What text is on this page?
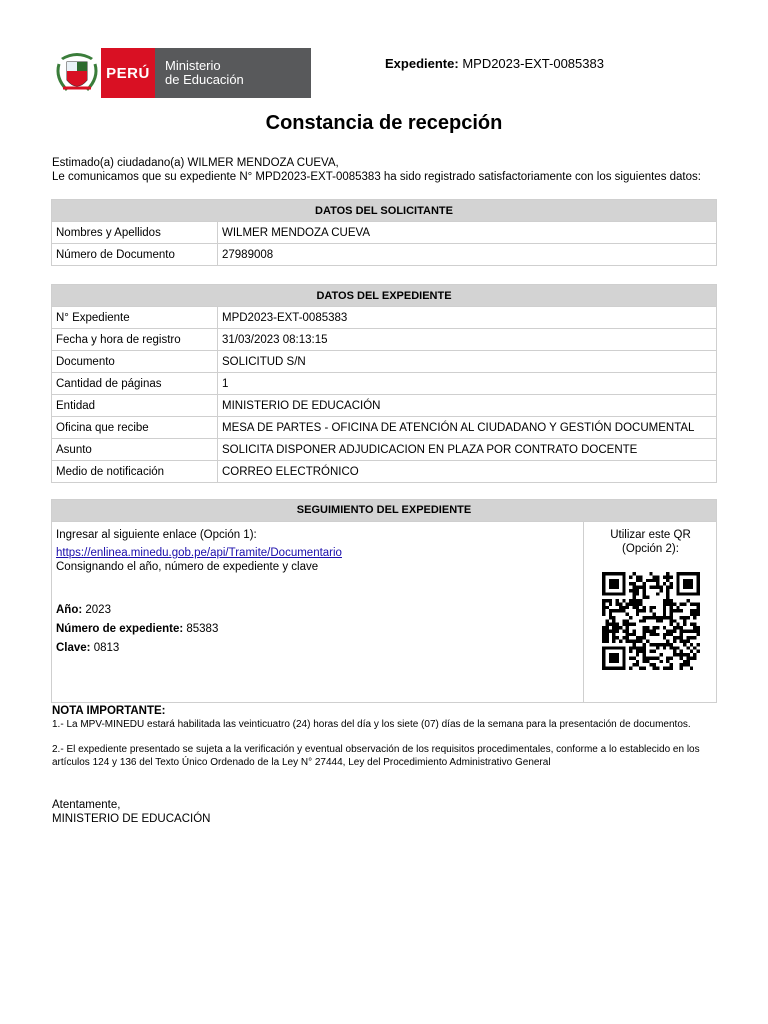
PERÚ Ministerio
de Educación
Expediente: MPD2023-EXT-0085383
Constancia de recepción
Estimado(a) ciudadano(a) WILMER MENDOZA CUEVA,
Le comunicamos que su expediente N° MPD2023-EXT-0085383 ha sido registrado satisfactoriamente con los siguientes datos:
DATOS DEL SOLICITANTE	
Nombres y Apellidos	WILMER MENDOZA CUEVA
Número de Documento	27989008
DATOS DEL EXPEDIENTE	
N° Expediente	MPD2023-EXT-0085383
Fecha y hora de registro	31/03/2023 08:13:15
Documento	SOLICITUD S/N
Cantidad de páginas	1
Entidad	MINISTERIO DE EDUCACIÓN
Oficina que recibe	MESA DE PARTES - OFICINA DE ATENCIÓN AL CIUDADANO Y GESTIÓN DOCUMENTAL
Asunto	SOLICITA DISPONER ADJUDICACION EN PLAZA POR CONTRATO DOCENTE
Medio de notificación	CORREO ELECTRÓNICO
SEGUIMIENTO DEL EXPEDIENTE
Ingresar al siguiente enlace (Opción 1):
https://enlinea.minedu.gob.pe/api/Tramite/Documentario
Consignando el año, número de expediente y clave
Año: 2023
Número de expediente: 85383
Clave: 0813
Utilizar este QR
(Opción 2):
NOTA IMPORTANTE:
1.- La MPV-MINEDU estará habilitada las veinticuatro (24) horas del día y los siete (07) días de la semana para la presentación de documentos.
2.- El expediente presentado se sujeta a la verificación y eventual observación de los requisitos procedimentales, conforme a lo establecido en los artículos 124 y 136 del Texto Único Ordenado de la Ley N° 27444, Ley del Procedimiento Administrativo General
Atentamente,
MINISTERIO DE EDUCACIÓN
